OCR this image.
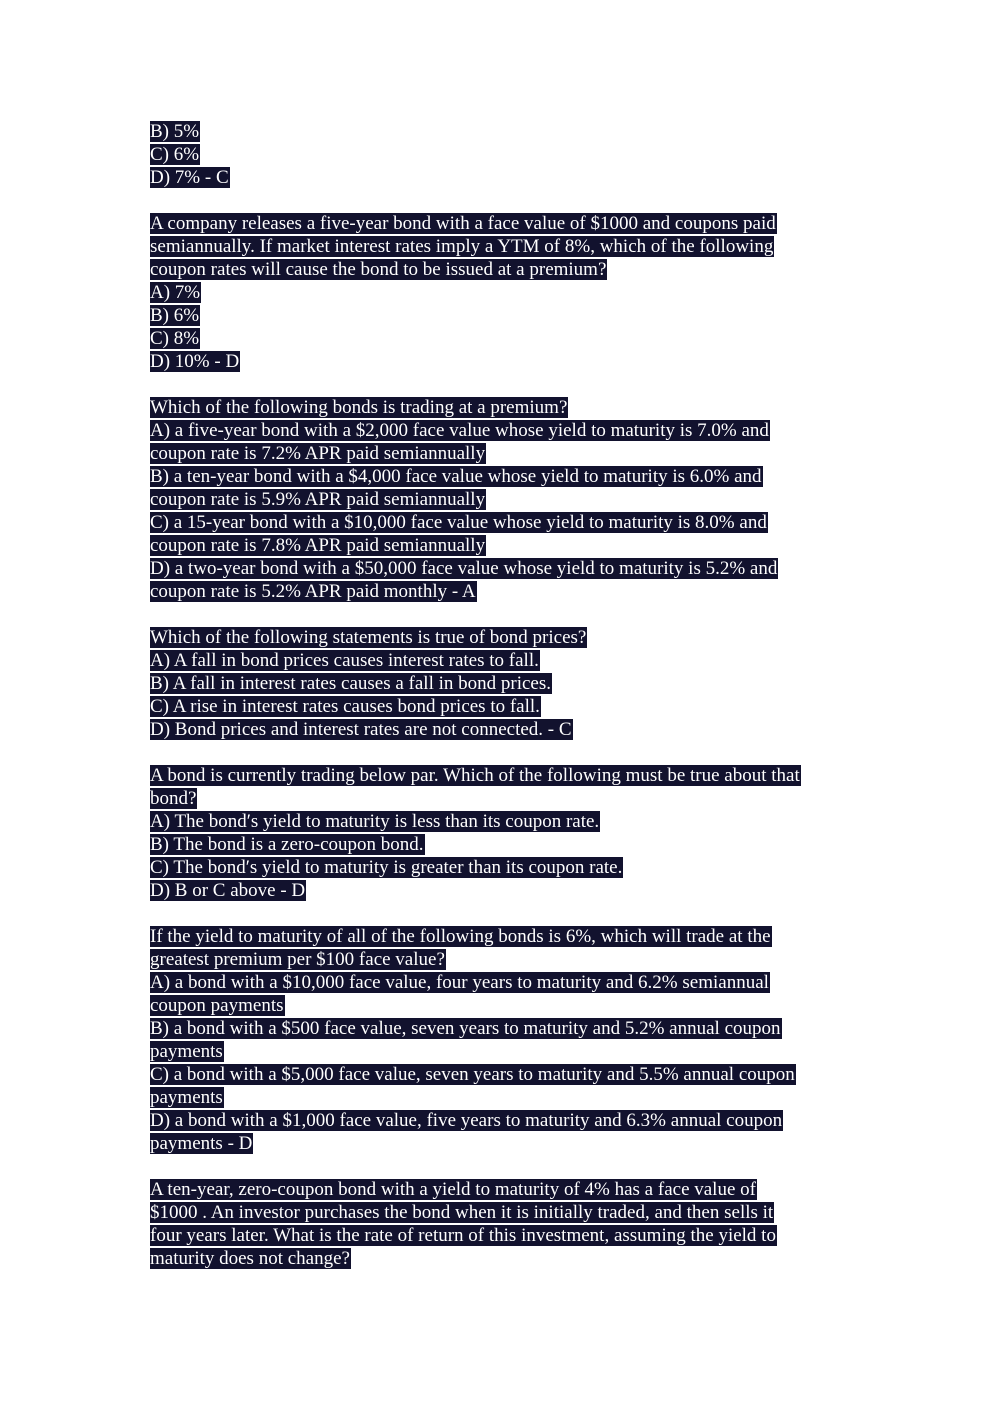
B) 5%
C) 6%
D) 7% - C
A company releases a five-year bond with a face value of $1000 and coupons paid
semiannually. If market interest rates imply a YTM of 8%, which of the following
coupon rates will cause the bond to be issued at a premium?
A) 7%
B) 6%
C) 8%
D) 10% - D
Which of the following bonds is trading at a premium?
A) a five-year bond with a $2,000 face value whose yield to maturity is 7.0% and
coupon rate is 7.2% APR paid semiannually
B) a ten-year bond with a $4,000 face value whose yield to maturity is 6.0% and
coupon rate is 5.9% APR paid semiannually
C) a 15-year bond with a $10,000 face value whose yield to maturity is 8.0% and
coupon rate is 7.8% APR paid semiannually
D) a two-year bond with a $50,000 face value whose yield to maturity is 5.2% and
coupon rate is 5.2% APR paid monthly - A
Which of the following statements is true of bond prices?
A) A fall in bond prices causes interest rates to fall.
B) A fall in interest rates causes a fall in bond prices.
C) A rise in interest rates causes bond prices to fall.
D) Bond prices and interest rates are not connected. - C
A bond is currently trading below par. Which of the following must be true about that
bond?
A) The bond′s yield to maturity is less than its coupon rate.
B) The bond is a zero-coupon bond.
C) The bond′s yield to maturity is greater than its coupon rate.
D) B or C above - D
If the yield to maturity of all of the following bonds is 6%, which will trade at the
greatest premium per $100 face value?
A) a bond with a $10,000 face value, four years to maturity and 6.2% semiannual
coupon payments
B) a bond with a $500 face value, seven years to maturity and 5.2% annual coupon
payments
C) a bond with a $5,000 face value, seven years to maturity and 5.5% annual coupon
payments
D) a bond with a $1,000 face value, five years to maturity and 6.3% annual coupon
payments - D
A ten-year, zero-coupon bond with a yield to maturity of 4% has a face value of
$1000 . An investor purchases the bond when it is initially traded, and then sells it
four years later. What is the rate of return of this investment, assuming the yield to
maturity does not change?
